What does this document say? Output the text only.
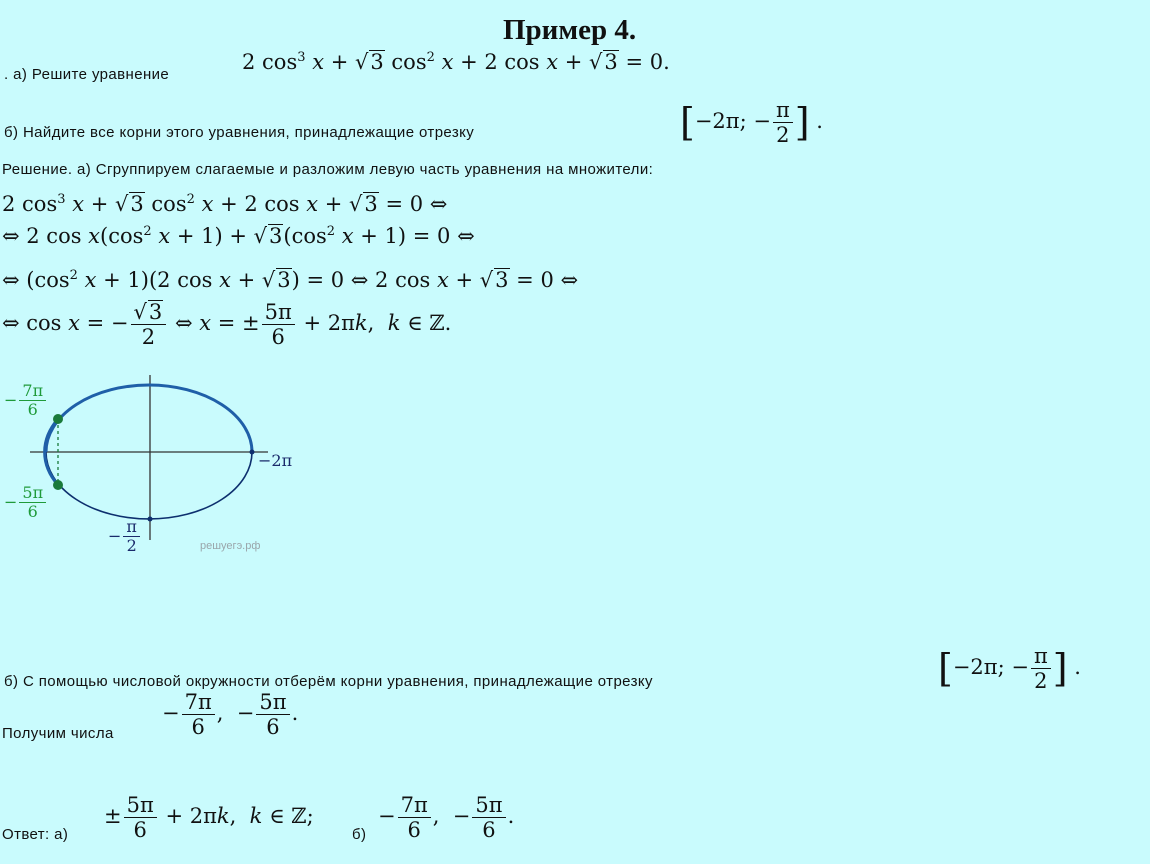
Пример 4.
. а) Решите уравнение
2 $\cos^3 x + √3$ $\cos^2 x + 2$ cos x + √3 = 0.
б) Найдите все корни этого уравнения, принадлежащие отрезку	[−2π; − $\frac{\pi}{2}$ ] .
Решение. а) Сгруппируем слагаемые и разложим левую часть уравнения на множители:
2 $\cos^3 x + √3$ $\cos^2 x + 2$ cos x + √3 = 0 ⇔
⇔ 2 $\cos x(\cos^2$ $x + 1) + √3(\cos^2$ x + 1) = 0 ⇔
⇔ ($\cos^2$ x + 1)(2 cos x + √3) = 0 ⇔ 2 cos x + √3 = 0 ⇔
⇔ cos x = − $\frac{√3}{2}$ ⇔ x = ± $\frac{5\pi}{6} + 2\pi k$,  k ∈ ℤ.
− $\frac{7\pi}{6}$
− $\frac{5\pi}{6}$
−2π
− $\frac{\pi}{2}$	решуегэ.рф
б) С помощью числовой окружности отберём корни уравнения, принадлежащие отрезку	[−2π; − $\frac{\pi}{2}$ ] .
Получим числа
− $\frac{7\pi}{6}$ ,  − $\frac{5\pi}{6}$ .
Ответ: а)
± $\frac{5\pi}{6} + 2\pi k$,  k ∈ ℤ;
б)
− $\frac{7\pi}{6}$ ,  − $\frac{5\pi}{6}$ .
